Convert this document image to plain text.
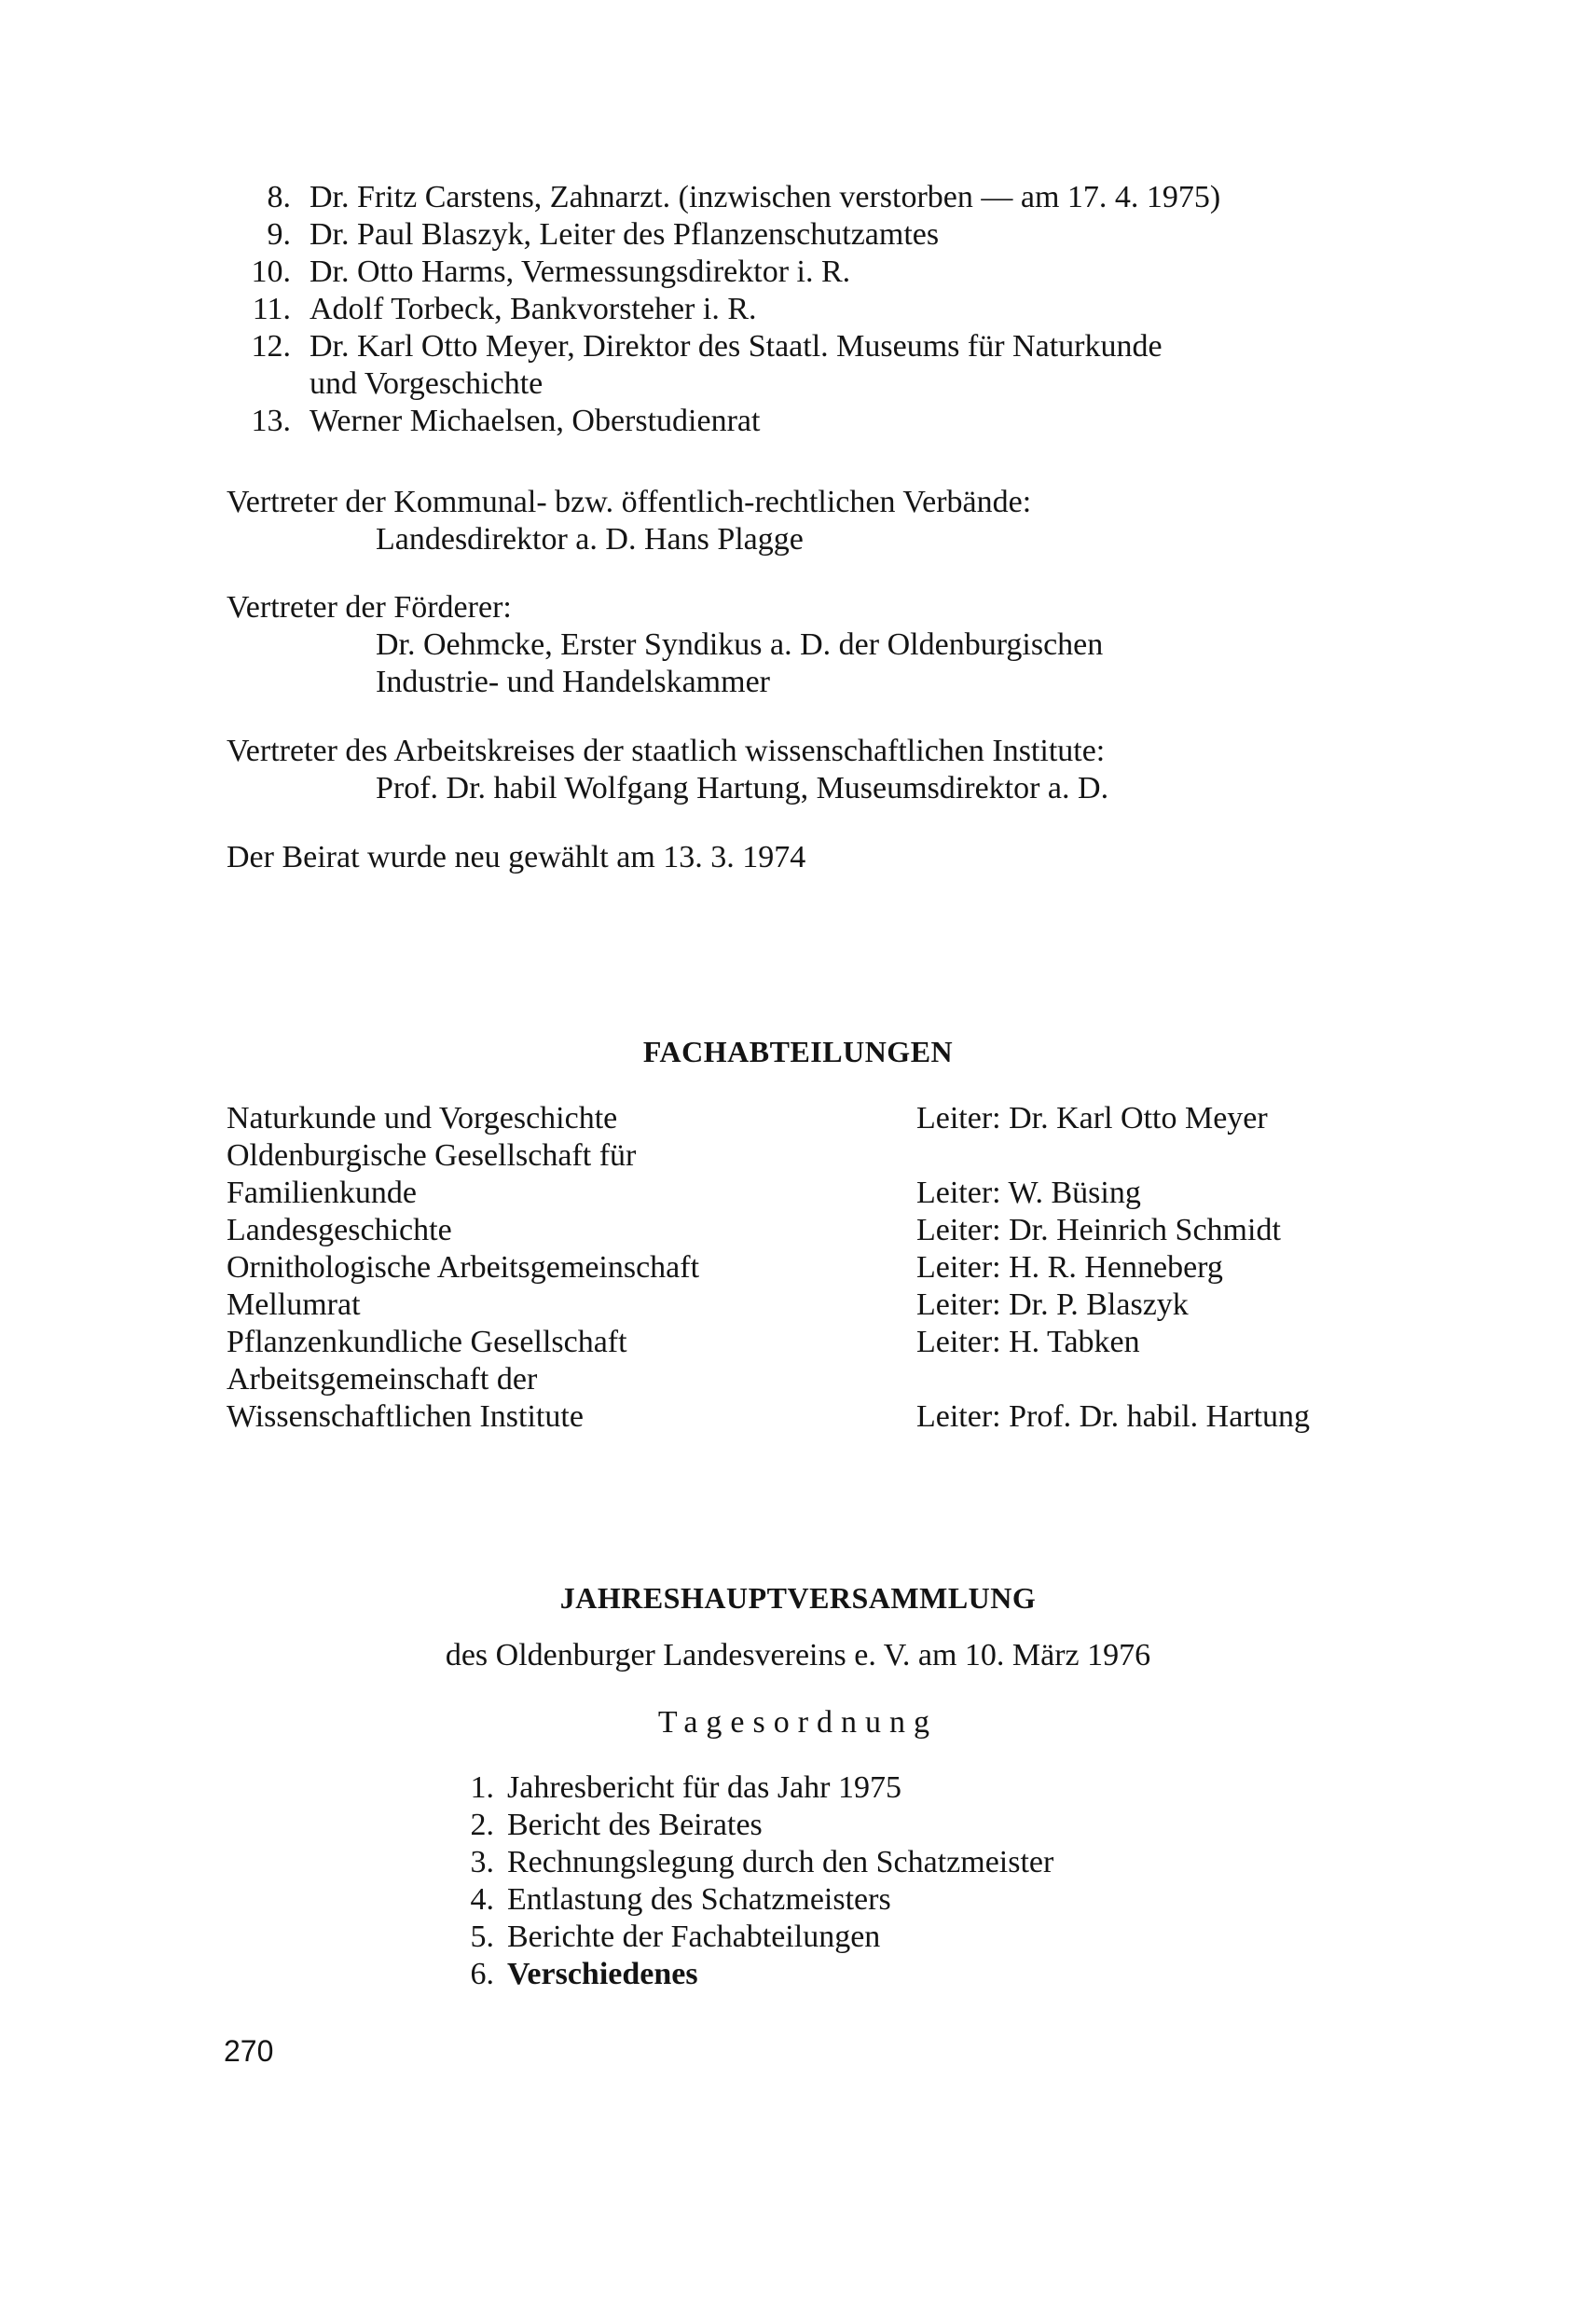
8. Dr. Fritz Carstens, Zahnarzt. (inzwischen verstorben — am 17. 4. 1975)
9. Dr. Paul Blaszyk, Leiter des Pflanzenschutzamtes
10. Dr. Otto Harms, Vermessungsdirektor i. R.
11. Adolf Torbeck, Bankvorsteher i. R.
12. Dr. Karl Otto Meyer, Direktor des Staatl. Museums für Naturkunde
und Vorgeschichte
13. Werner Michaelsen, Oberstudienrat
Vertreter der Kommunal- bzw. öffentlich-rechtlichen Verbände:
Landesdirektor a. D. Hans Plagge
Vertreter der Förderer:
Dr. Oehmcke, Erster Syndikus a. D. der Oldenburgischen
Industrie- und Handelskammer
Vertreter des Arbeitskreises der staatlich wissenschaftlichen Institute:
Prof. Dr. habil Wolfgang Hartung, Museumsdirektor a. D.
Der Beirat wurde neu gewählt am 13. 3. 1974
FACHABTEILUNGEN
Naturkunde und Vorgeschichte	Leiter: Dr. Karl Otto Meyer
Oldenburgische Gesellschaft für
Familienkunde	Leiter: W. Büsing
Landesgeschichte	Leiter: Dr. Heinrich Schmidt
Ornithologische Arbeitsgemeinschaft	Leiter: H. R. Henneberg
Mellumrat	Leiter: Dr. P. Blaszyk
Pflanzenkundliche Gesellschaft	Leiter: H. Tabken
Arbeitsgemeinschaft der
Wissenschaftlichen Institute	Leiter: Prof. Dr. habil. Hartung
JAHRESHAUPTVERSAMMLUNG
des Oldenburger Landesvereins e. V. am 10. März 1976
Tagesordnung
1. Jahresbericht für das Jahr 1975
2. Bericht des Beirates
3. Rechnungslegung durch den Schatzmeister
4. Entlastung des Schatzmeisters
5. Berichte der Fachabteilungen
6. Verschiedenes
270
